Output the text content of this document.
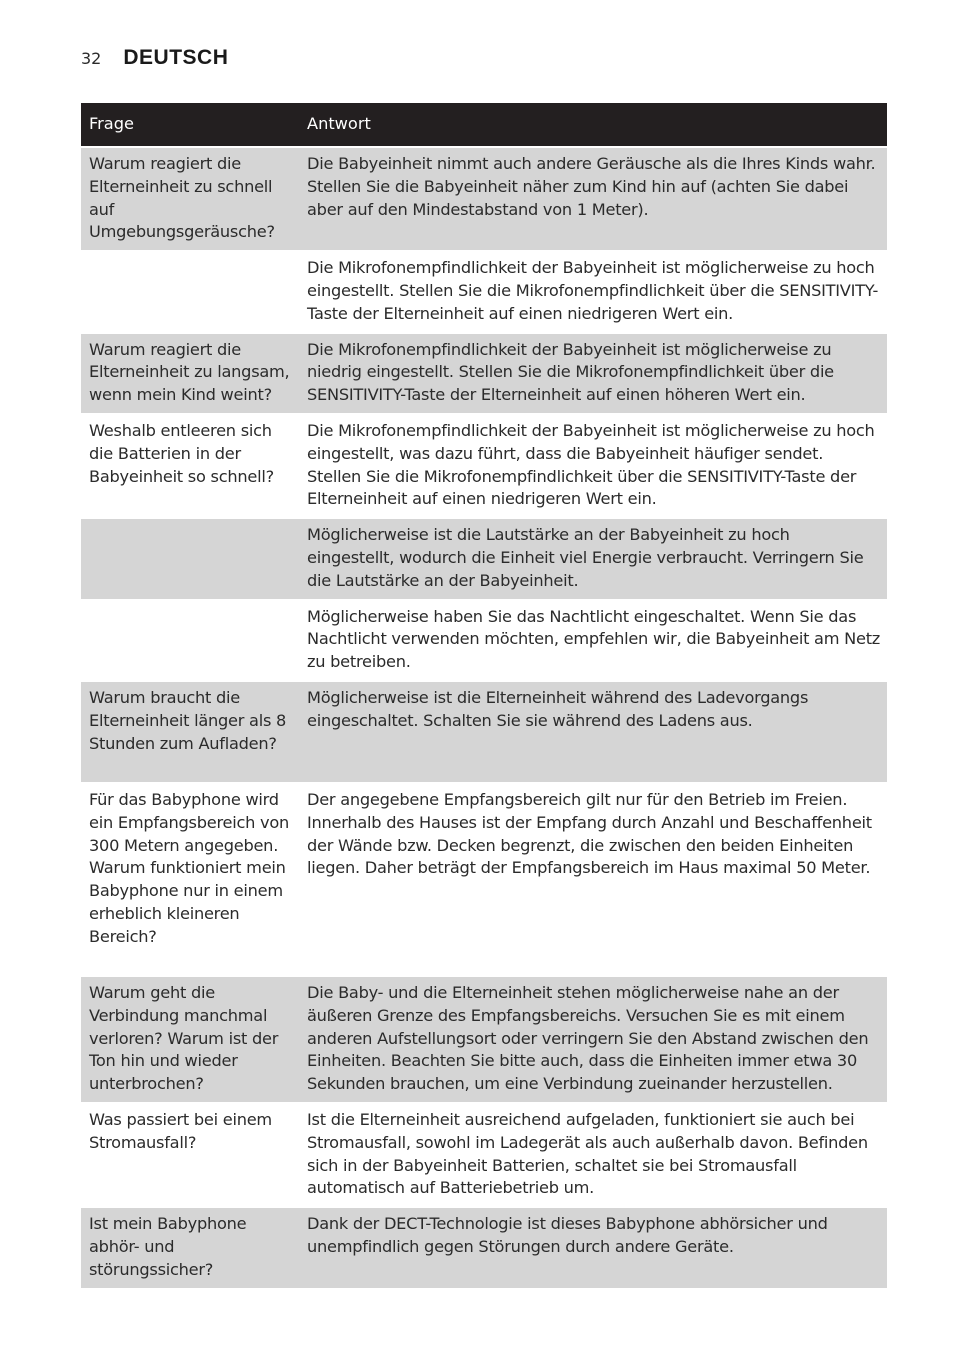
32 DEUTSCH
Frage	Antwort
Warum reagiert die Elterneinheit zu schnell auf Umgebungsgeräusche?	Die Babyeinheit nimmt auch andere Geräusche als die Ihres Kinds wahr. Stellen Sie die Babyeinheit näher zum Kind hin auf (achten Sie dabei aber auf den Mindestabstand von 1 Meter).
	Die Mikrofonempfindlichkeit der Babyeinheit ist möglicherweise zu hoch eingestellt. Stellen Sie die Mikrofonempfindlichkeit über die SENSITIVITY-Taste der Elterneinheit auf einen niedrigeren Wert ein.
Warum reagiert die Elterneinheit zu langsam, wenn mein Kind weint?	Die Mikrofonempfindlichkeit der Babyeinheit ist möglicherweise zu niedrig eingestellt. Stellen Sie die Mikrofonempfindlichkeit über die SENSITIVITY-Taste der Elterneinheit auf einen höheren Wert ein.
Weshalb entleeren sich die Batterien in der Babyeinheit so schnell?	Die Mikrofonempfindlichkeit der Babyeinheit ist möglicherweise zu hoch eingestellt, was dazu führt, dass die Babyeinheit häufiger sendet. Stellen Sie die Mikrofonempfindlichkeit über die SENSITIVITY-Taste der Elterneinheit auf einen niedrigeren Wert ein.
	Möglicherweise ist die Lautstärke an der Babyeinheit zu hoch eingestellt, wodurch die Einheit viel Energie verbraucht. Verringern Sie die Lautstärke an der Babyeinheit.
	Möglicherweise haben Sie das Nachtlicht eingeschaltet. Wenn Sie das Nachtlicht verwenden möchten, empfehlen wir, die Babyeinheit am Netz zu betreiben.
Warum braucht die Elterneinheit länger als 8 Stunden zum Aufladen?	Möglicherweise ist die Elterneinheit während des Ladevorgangs eingeschaltet. Schalten Sie sie während des Ladens aus.
Für das Babyphone wird ein Empfangsbereich von 300 Metern angegeben. Warum funktioniert mein Babyphone nur in einem erheblich kleineren Bereich?	Der angegebene Empfangsbereich gilt nur für den Betrieb im Freien. Innerhalb des Hauses ist der Empfang durch Anzahl und Beschaffenheit der Wände bzw. Decken begrenzt, die zwischen den beiden Einheiten liegen. Daher beträgt der Empfangsbereich im Haus maximal 50 Meter.
Warum geht die Verbindung manchmal verloren? Warum ist der Ton hin und wieder unterbrochen?	Die Baby- und die Elterneinheit stehen möglicherweise nahe an der äußeren Grenze des Empfangsbereichs. Versuchen Sie es mit einem anderen Aufstellungsort oder verringern Sie den Abstand zwischen den Einheiten. Beachten Sie bitte auch, dass die Einheiten immer etwa 30 Sekunden brauchen, um eine Verbindung zueinander herzustellen.
Was passiert bei einem Stromausfall?	Ist die Elterneinheit ausreichend aufgeladen, funktioniert sie auch bei Stromausfall, sowohl im Ladegerät als auch außerhalb davon. Befinden sich in der Babyeinheit Batterien, schaltet sie bei Stromausfall automatisch auf Batteriebetrieb um.
Ist mein Babyphone abhör- und störungssicher?	Dank der DECT-Technologie ist dieses Babyphone abhörsicher und unempfindlich gegen Störungen durch andere Geräte.
